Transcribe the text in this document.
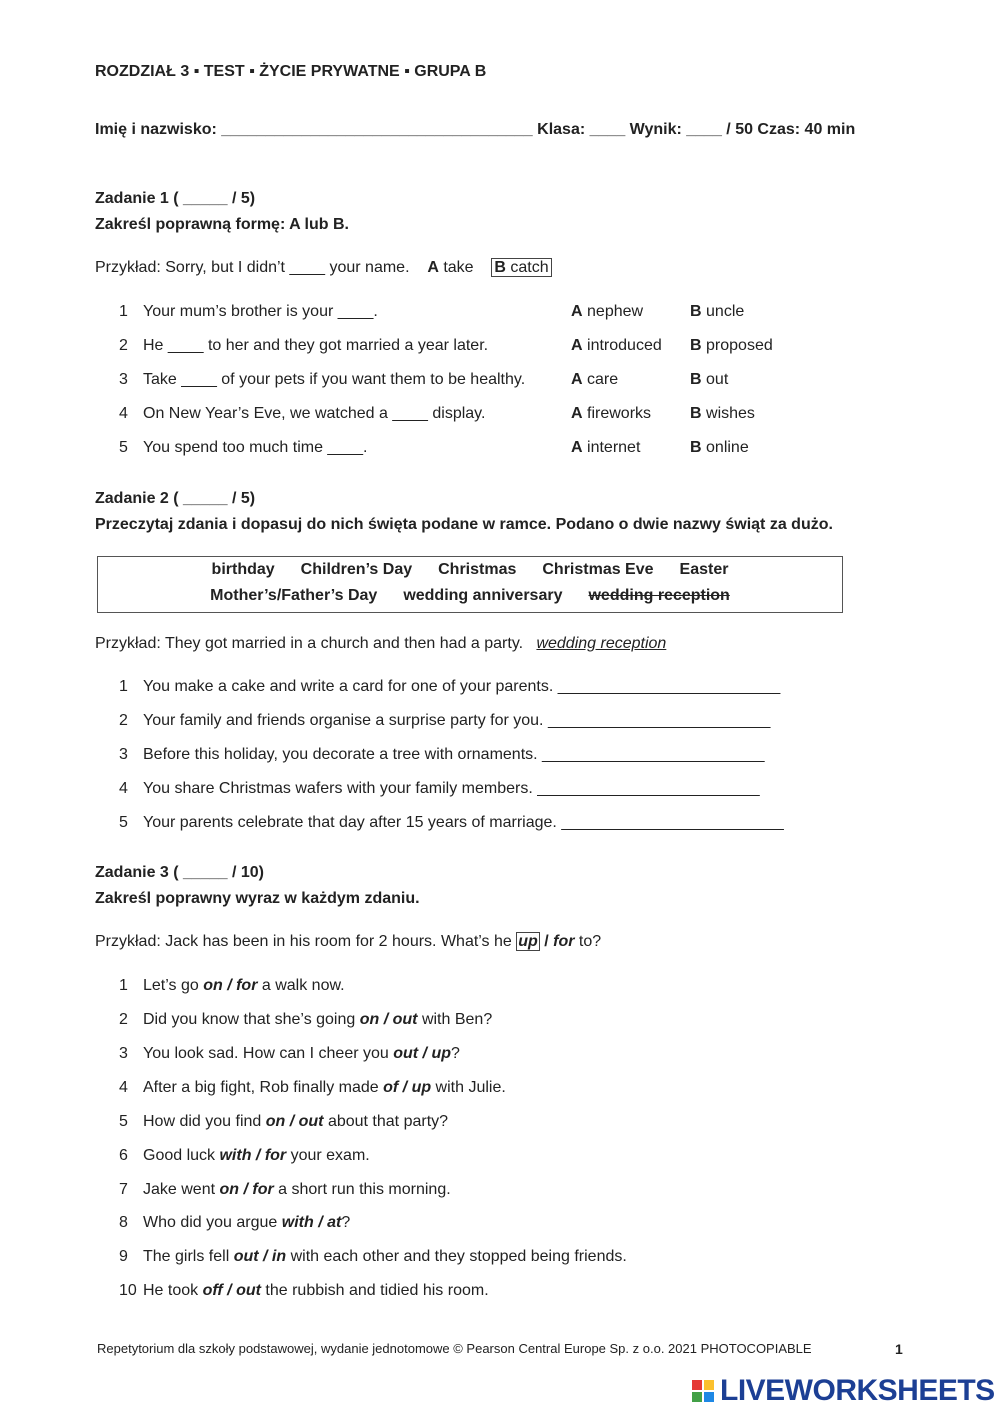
ROZDZIAŁ 3 ▪ TEST ▪ ŻYCIE PRYWATNE ▪ GRUPA B
Imię i nazwisko: ___________________________________ Klasa: ____ Wynik: ____ / 50 Czas: 40 min
Zadanie 1 ( _____ / 5)
Zakreśl poprawną formę: A lub B.
Przykład: Sorry, but I didn’t ____ your name. A take B catch
1 Your mum’s brother is your ____.	A nephew	B uncle
2 He ____ to her and they got married a year later.	A introduced B proposed
3 Take ____ of your pets if you want them to be healthy.	A care	B out
4 On New Year’s Eve, we watched a ____ display.	A fireworks B wishes
5 You spend too much time ____.	A internet	B online
Zadanie 2 ( _____ / 5)
Przeczytaj zdania i dopasuj do nich święta podane w ramce. Podano o dwie nazwy świąt za dużo.
birthday Children’s Day Christmas Christmas Eve Easter
Mother’s/Father’s Day wedding anniversary wedding reception
Przykład: They got married in a church and then had a party. wedding reception
1 You make a cake and write a card for one of your parents. _________________________
2 Your family and friends organise a surprise party for you. _________________________
3 Before this holiday, you decorate a tree with ornaments. _________________________
4 You share Christmas wafers with your family members. _________________________
5 Your parents celebrate that day after 15 years of marriage. _________________________
Zadanie 3 ( _____ / 10)
Zakreśl poprawny wyraz w każdym zdaniu.
Przykład: Jack has been in his room for 2 hours. What’s he up / for to?
1 Let’s go on / for a walk now.
2 Did you know that she’s going on / out with Ben?
3 You look sad. How can I cheer you out / up?
4 After a big fight, Rob finally made of / up with Julie.
5 How did you find on / out about that party?
6 Good luck with / for your exam.
7 Jake went on / for a short run this morning.
8 Who did you argue with / at?
9 The girls fell out / in with each other and they stopped being friends.
10 He took off / out the rubbish and tidied his room.
Repetytorium dla szkoły podstawowej, wydanie jednotomowe © Pearson Central Europe Sp. z o.o. 2021 PHOTOCOPIABLE	1
LIVEWORKSHEETS
